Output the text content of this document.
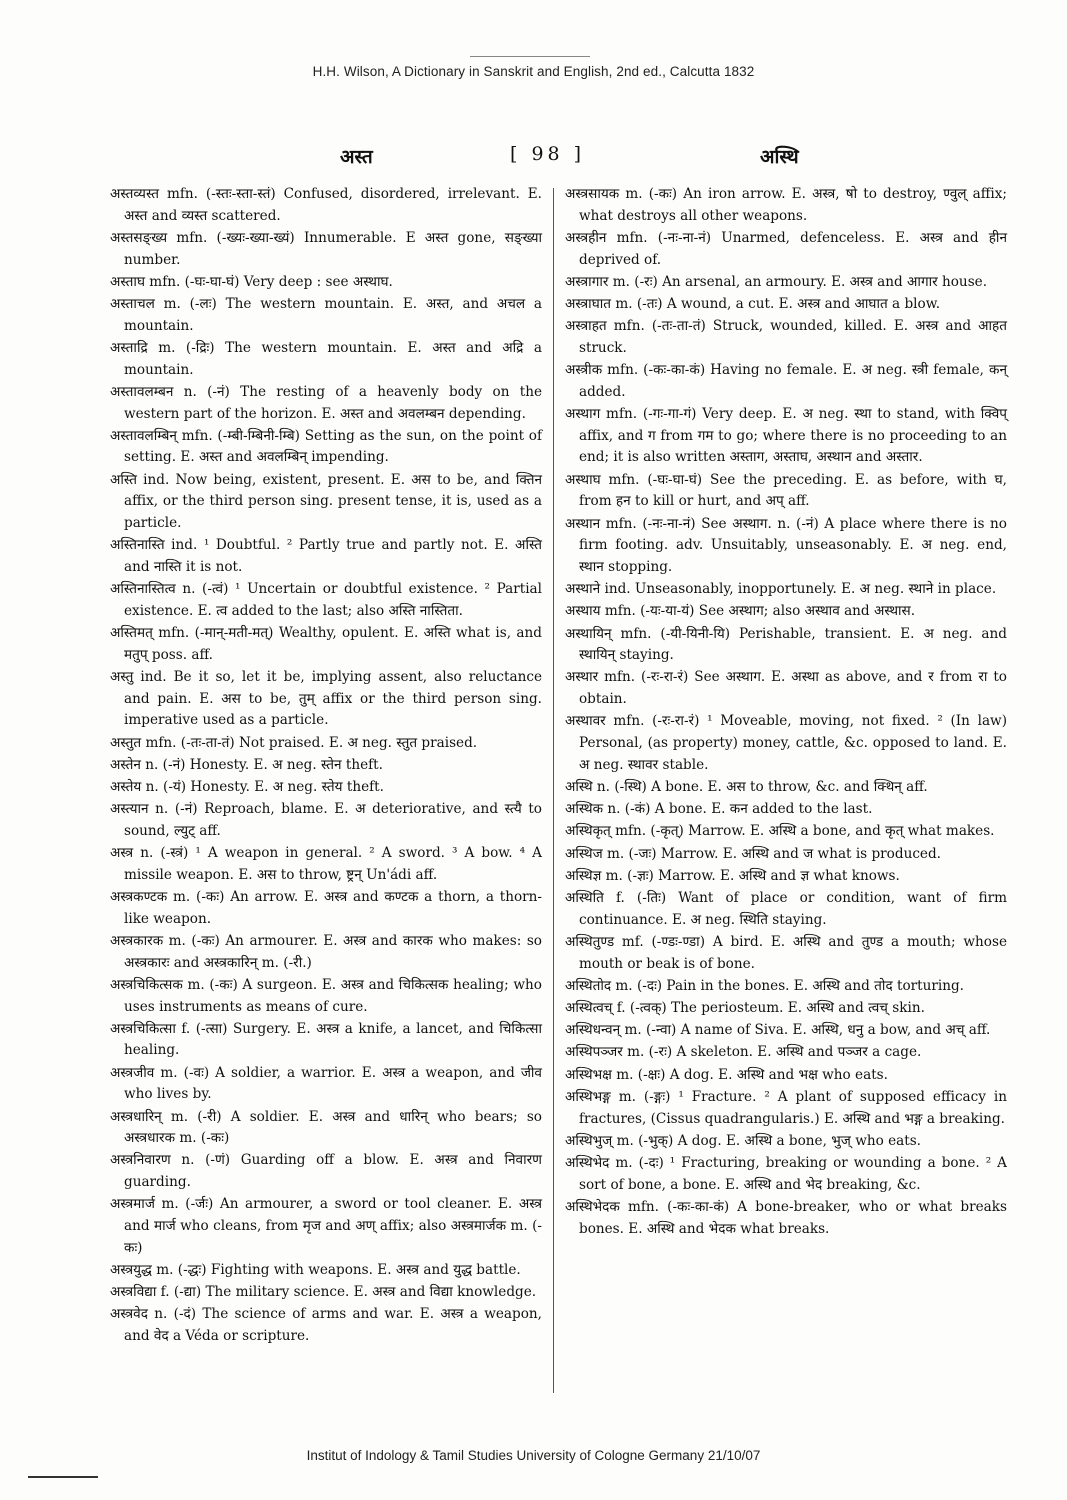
H.H. Wilson, A Dictionary in Sanskrit and English, 2nd ed., Calcutta 1832
अस्त	[ 98 ]	अस्थि

अस्तव्यस्त mfn. (-स्तः-स्ता-स्तं) Confused, disordered, irrelevant. E. अस्त and व्यस्त scattered.

अस्तसङ्ख्य mfn. (-ख्यः-ख्या-ख्यं) Innumerable. E अस्त gone, सङ्ख्या number.

अस्ताघ mfn. (-घः-घा-घं) Very deep : see अस्थाघ.

अस्ताचल m. (-लः) The western mountain. E. अस्त, and अचल a mountain.

अस्ताद्रि m. (-द्रिः) The western mountain. E. अस्त and अद्रि a mountain.

अस्तावलम्बन n. (-नं) The resting of a heavenly body on the western part of the horizon. E. अस्त and अवलम्बन depending.

अस्तावलम्बिन् mfn. (-म्बी-म्बिनी-म्बि) Setting as the sun, on the point of setting. E. अस्त and अवलम्बिन् impending.

अस्ति ind. Now being, existent, present. E. अस to be, and क्तिन affix, or the third person sing. present tense, it is, used as a particle.

अस्तिनास्ति ind. ¹ Doubtful. ² Partly true and partly not. E. अस्ति and नास्ति it is not.

अस्तिनास्तित्व n. (-त्वं) ¹ Uncertain or doubtful existence. ² Partial existence. E. त्व added to the last; also अस्ति नास्तिता.

अस्तिमत् mfn. (-मान्-मती-मत्) Wealthy, opulent. E. अस्ति what is, and मतुप् poss. aff.

अस्तु ind. Be it so, let it be, implying assent, also reluctance and pain. E. अस to be, तुम् affix or the third person sing. imperative used as a particle.

अस्तुत mfn. (-तः-ता-तं) Not praised. E. अ neg. स्तुत praised.

अस्तेन n. (-नं) Honesty. E. अ neg. स्तेन theft.

अस्तेय n. (-यं) Honesty. E. अ neg. स्तेय theft.

अस्त्यान n. (-नं) Reproach, blame. E. अ deteriorative, and स्त्यै to sound, ल्युट् aff.

अस्त्र n. (-स्त्रं) ¹ A weapon in general. ² A sword. ³ A bow. ⁴ A missile weapon. E. अस to throw, ष्ट्रन् Un'ádi aff.

अस्त्रकण्टक m. (-कः) An arrow. E. अस्त्र and कण्टक a thorn, a thorn-like weapon.

अस्त्रकारक m. (-कः) An armourer. E. अस्त्र and कारक who makes: so अस्त्रकारः and अस्त्रकारिन् m. (-री.)

अस्त्रचिकित्सक m. (-कः) A surgeon. E. अस्त्र and चिकित्सक healing; who uses instruments as means of cure.

अस्त्रचिकित्सा f. (-त्सा) Surgery. E. अस्त्र a knife, a lancet, and चिकित्सा healing.

अस्त्रजीव m. (-वः) A soldier, a warrior. E. अस्त्र a weapon, and जीव who lives by.

अस्त्रधारिन् m. (-री) A soldier. E. अस्त्र and धारिन् who bears; so अस्त्रधारक m. (-कः)

अस्त्रनिवारण n. (-णं) Guarding off a blow. E. अस्त्र and निवारण guarding.

अस्त्रमार्ज m. (-र्जः) An armourer, a sword or tool cleaner. E. अस्त्र and मार्ज who cleans, from मृज and अण् affix; also अस्त्रमार्जक m. (-कः)

अस्त्रयुद्ध m. (-द्धः) Fighting with weapons. E. अस्त्र and युद्ध battle.

अस्त्रविद्या f. (-द्या) The military science. E. अस्त्र and विद्या knowledge.

अस्त्रवेद n. (-दं) The science of arms and war. E. अस्त्र a weapon, and वेद a Véda or scripture.

अस्त्रसायक m. (-कः) An iron arrow. E. अस्त्र, षो to destroy, ण्वुल् affix; what destroys all other weapons.

अस्त्रहीन mfn. (-नः-ना-नं) Unarmed, defenceless. E. अस्त्र and हीन deprived of.

अस्त्रागार m. (-रः) An arsenal, an armoury. E. अस्त्र and आगार house.

अस्त्राघात m. (-तः) A wound, a cut. E. अस्त्र and आघात a blow.

अस्त्राहत mfn. (-तः-ता-तं) Struck, wounded, killed. E. अस्त्र and आहत struck.

अस्त्रीक mfn. (-कः-का-कं) Having no female. E. अ neg. स्त्री female, कन् added.

अस्थाग mfn. (-गः-गा-गं) Very deep. E. अ neg. स्था to stand, with क्विप् affix, and ग from गम to go; where there is no proceeding to an end; it is also written अस्ताग, अस्ताघ, अस्थान and अस्तार.

अस्थाघ mfn. (-घः-घा-घं) See the preceding. E. as before, with घ, from हन to kill or hurt, and अप् aff.

अस्थान mfn. (-नः-ना-नं) See अस्थाग. n. (-नं) A place where there is no firm footing. adv. Unsuitably, unseasonably. E. अ neg. end, स्थान stopping.

अस्थाने ind. Unseasonably, inopportunely. E. अ neg. स्थाने in place.

अस्थाय mfn. (-यः-या-यं) See अस्थाग; also अस्थाव and अस्थास.

अस्थायिन् mfn. (-यी-यिनी-यि) Perishable, transient. E. अ neg. and स्थायिन् staying.

अस्थार mfn. (-रः-रा-रं) See अस्थाग. E. अस्था as above, and र from रा to obtain.

अस्थावर mfn. (-रः-रा-रं) ¹ Moveable, moving, not fixed. ² (In law) Personal, (as property) money, cattle, &c. opposed to land. E. अ neg. स्थावर stable.

अस्थि n. (-स्थि) A bone. E. अस to throw, &c. and क्थिन् aff.

अस्थिक n. (-कं) A bone. E. कन added to the last.

अस्थिकृत् mfn. (-कृत्) Marrow. E. अस्थि a bone, and कृत् what makes.

अस्थिज m. (-जः) Marrow. E. अस्थि and ज what is produced.

अस्थिज्ञ m. (-ज्ञः) Marrow. E. अस्थि and ज्ञ what knows.

अस्थिति f. (-तिः) Want of place or condition, want of firm continuance. E. अ neg. स्थिति staying.

अस्थितुण्ड mf. (-ण्डः-ण्डा) A bird. E. अस्थि and तुण्ड a mouth; whose mouth or beak is of bone.

अस्थितोद m. (-दः) Pain in the bones. E. अस्थि and तोद torturing.

अस्थित्वच् f. (-त्वक्) The periosteum. E. अस्थि and त्वच् skin.

अस्थिधन्वन् m. (-न्वा) A name of Siva. E. अस्थि, धनु a bow, and अच् aff.

अस्थिपञ्जर m. (-रः) A skeleton. E. अस्थि and पञ्जर a cage.

अस्थिभक्ष m. (-क्षः) A dog. E. अस्थि and भक्ष who eats.

अस्थिभङ्ग m. (-ङ्गः) ¹ Fracture. ² A plant of supposed efficacy in fractures, (Cissus quadrangularis.) E. अस्थि and भङ्ग a breaking.

अस्थिभुज् m. (-भुक्) A dog. E. अस्थि a bone, भुज् who eats.

अस्थिभेद m. (-दः) ¹ Fracturing, breaking or wounding a bone. ² A sort of bone, a bone. E. अस्थि and भेद breaking, &c.

अस्थिभेदक mfn. (-कः-का-कं) A bone-breaker, who or what breaks bones. E. अस्थि and भेदक what breaks.

Institut of Indology & Tamil Studies University of Cologne Germany 21/10/07
